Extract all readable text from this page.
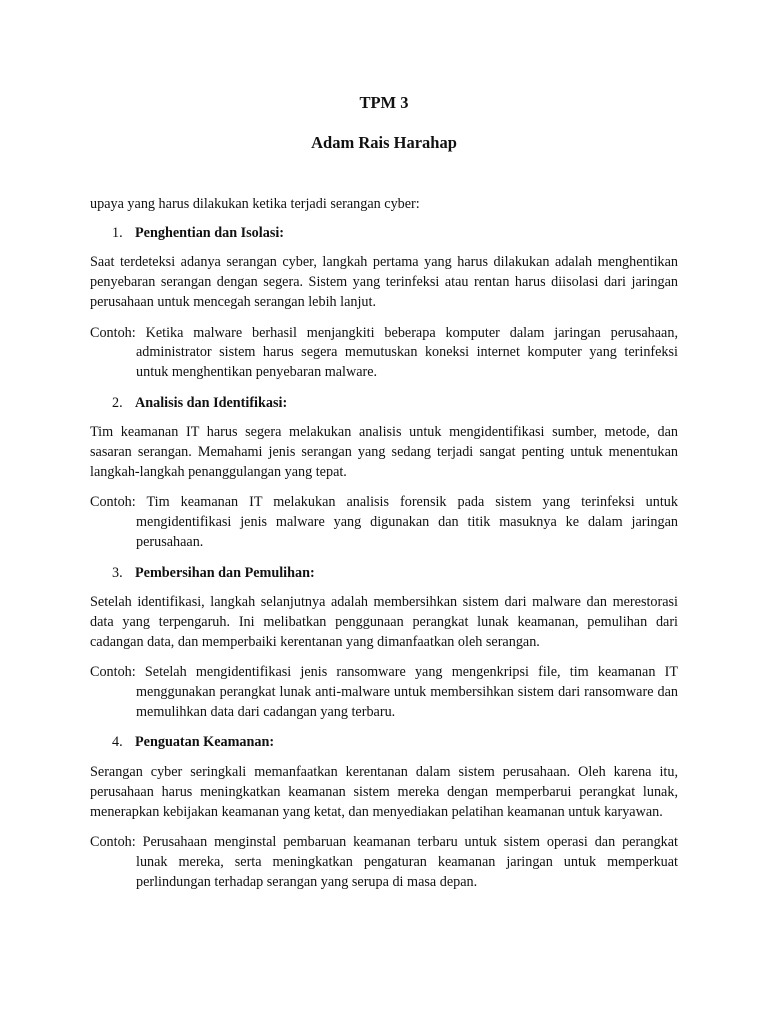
TPM 3
Adam Rais Harahap

upaya yang harus dilakukan ketika terjadi serangan cyber:

1. Penghentian dan Isolasi:

Saat terdeteksi adanya serangan cyber, langkah pertama yang harus dilakukan adalah menghentikan penyebaran serangan dengan segera. Sistem yang terinfeksi atau rentan harus diisolasi dari jaringan perusahaan untuk mencegah serangan lebih lanjut.

Contoh: Ketika malware berhasil menjangkiti beberapa komputer dalam jaringan perusahaan, administrator sistem harus segera memutuskan koneksi internet komputer yang terinfeksi untuk menghentikan penyebaran malware.

2. Analisis dan Identifikasi:

Tim keamanan IT harus segera melakukan analisis untuk mengidentifikasi sumber, metode, dan sasaran serangan. Memahami jenis serangan yang sedang terjadi sangat penting untuk menentukan langkah-langkah penanggulangan yang tepat.

Contoh: Tim keamanan IT melakukan analisis forensik pada sistem yang terinfeksi untuk mengidentifikasi jenis malware yang digunakan dan titik masuknya ke dalam jaringan perusahaan.

3. Pembersihan dan Pemulihan:

Setelah identifikasi, langkah selanjutnya adalah membersihkan sistem dari malware dan merestorasi data yang terpengaruh. Ini melibatkan penggunaan perangkat lunak keamanan, pemulihan dari cadangan data, dan memperbaiki kerentanan yang dimanfaatkan oleh serangan.

Contoh: Setelah mengidentifikasi jenis ransomware yang mengenkripsi file, tim keamanan IT menggunakan perangkat lunak anti-malware untuk membersihkan sistem dari ransomware dan memulihkan data dari cadangan yang terbaru.

4. Penguatan Keamanan:

Serangan cyber seringkali memanfaatkan kerentanan dalam sistem perusahaan. Oleh karena itu, perusahaan harus meningkatkan keamanan sistem mereka dengan memperbarui perangkat lunak, menerapkan kebijakan keamanan yang ketat, dan menyediakan pelatihan keamanan untuk karyawan.

Contoh: Perusahaan menginstal pembaruan keamanan terbaru untuk sistem operasi dan perangkat lunak mereka, serta meningkatkan pengaturan keamanan jaringan untuk memperkuat perlindungan terhadap serangan yang serupa di masa depan.
